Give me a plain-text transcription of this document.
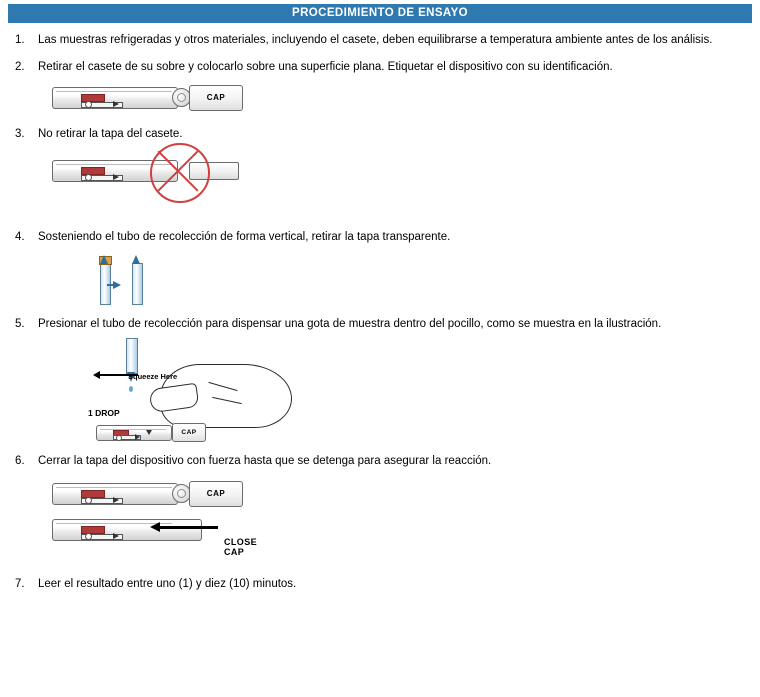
PROCEDIMIENTO DE ENSAYO
1.	Las muestras refrigeradas y otros materiales, incluyendo el casete, deben equilibrarse a temperatura ambiente antes de los análisis.
2.	Retirar el casete de su sobre y colocarlo sobre una superficie plana. Etiquetar el dispositivo con su identificación.
CAP
3.	No retirar la tapa del casete.
4.	Sosteniendo el tubo de recolección de forma vertical, retirar la tapa transparente.
5.	Presionar el tubo de recolección para dispensar una gota de muestra dentro del pocillo, como se muestra en la ilustración.
Squeeze Here
1 DROP
CAP
6.	Cerrar la tapa del dispositivo con fuerza hasta que se detenga para asegurar la reacción.
CAP
CLOSE CAP
7.	Leer el resultado entre uno (1) y diez (10) minutos.
